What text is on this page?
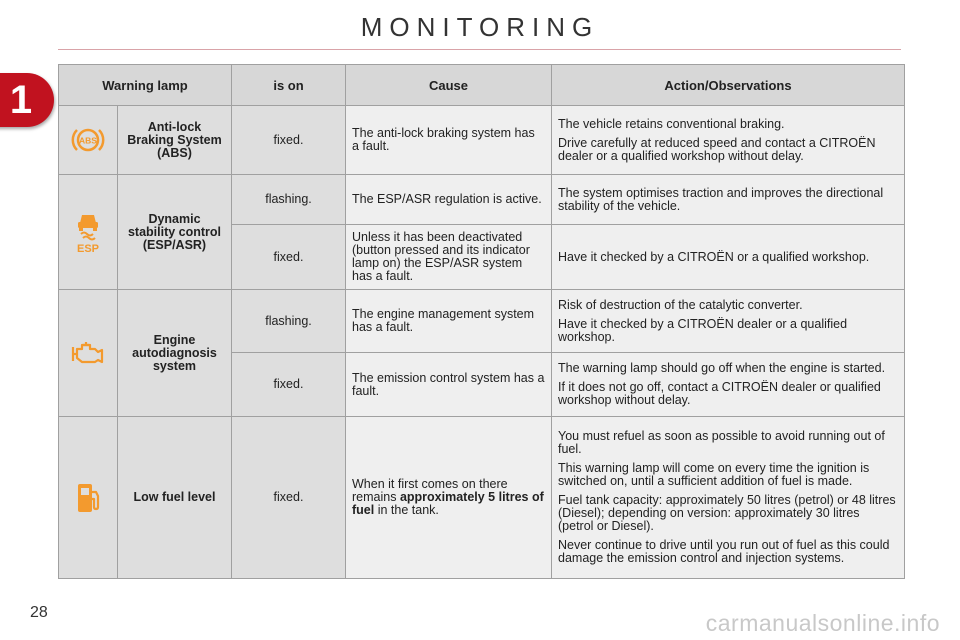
1
MONITORING
Warning lamp		is on	Cause	Action/Observations

ABS	Anti-lock Braking System (ABS)	fixed.	The anti-lock braking system has a fault.	The vehicle retains conventional braking.

Drive carefully at reduced speed and contact a CITROËN dealer or a qualified workshop without delay.

ESP	Dynamic stability control (ESP/ASR)	flashing.	The ESP/ASR regulation is active.	The system optimises traction and improves the directional stability of the vehicle.
		fixed.	Unless it has been deactivated (button pressed and its indicator lamp on) the ESP/ASR system has a fault.	Have it checked by a CITROËN or a qualified workshop.

	Engine autodiagnosis system	flashing.	The engine management system has a fault.	Risk of destruction of the catalytic converter.

Have it checked by a CITROËN dealer or a qualified workshop.

		fixed.	The emission control system has a fault.	The warning lamp should go off when the engine is started.

If it does not go off, contact a CITROËN dealer or qualified workshop without delay.

	Low fuel level	fixed.	When it first comes on there remains approximately 5 litres of fuel in the tank.	You must refuel as soon as possible to avoid running out of fuel.

This warning lamp will come on every time the ignition is switched on, until a sufficient addition of fuel is made.

Fuel tank capacity: approximately 50 litres (petrol) or 48 litres (Diesel); depending on version: approximately 30 litres (petrol or Diesel).

Never continue to drive until you run out of fuel as this could damage the emission control and injection systems.

28	carmanualsonline.info
